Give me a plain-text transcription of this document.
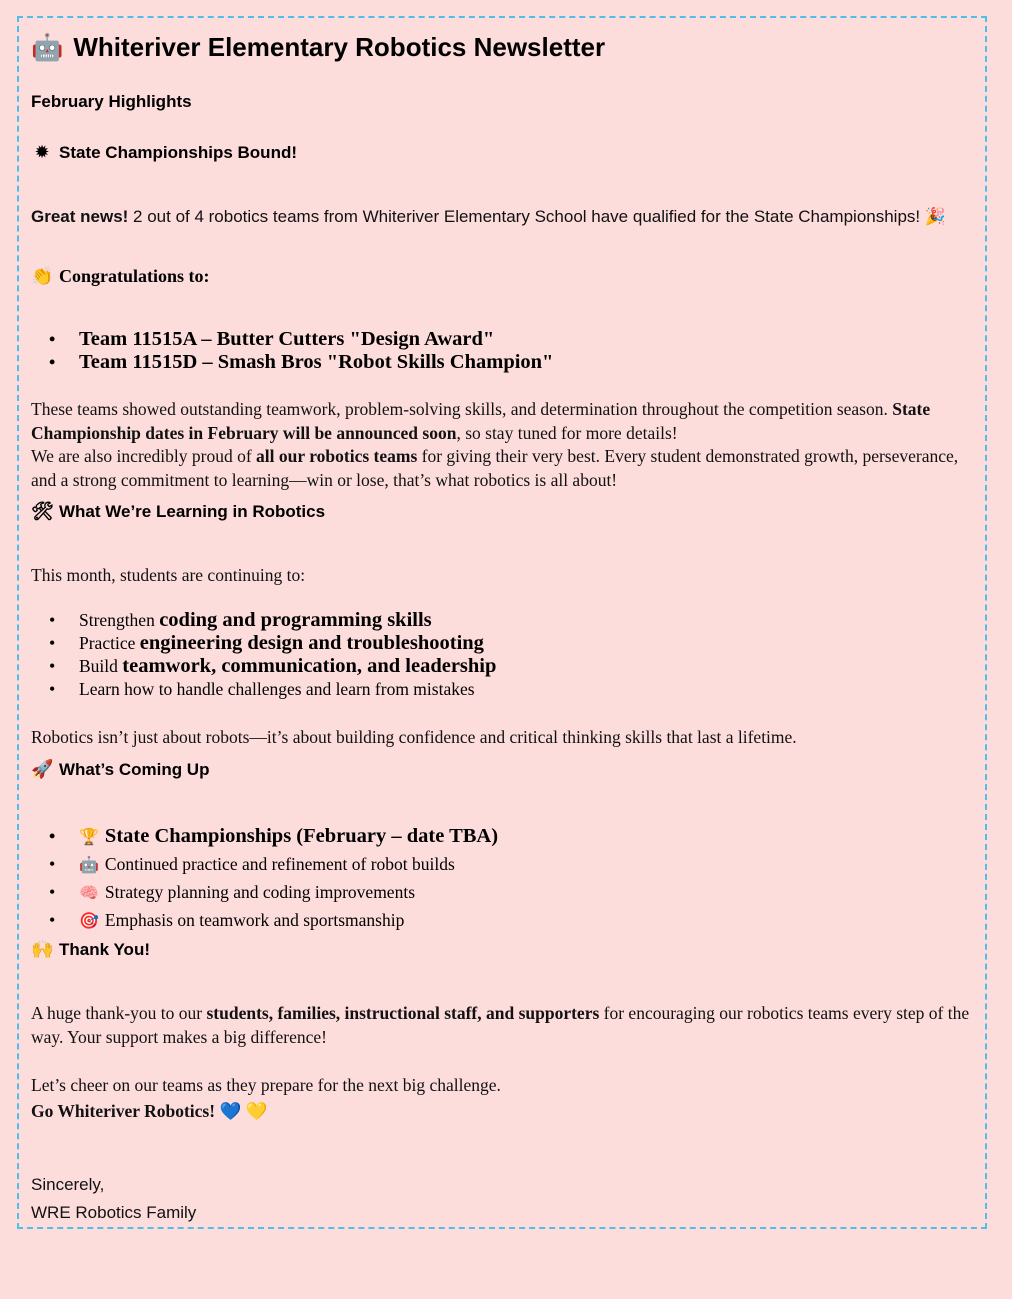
🤖 Whiteriver Elementary Robotics Newsletter
February Highlights
✹ State Championships Bound!
Great news! 2 out of 4 robotics teams from Whiteriver Elementary School have qualified for the State Championships! 🎉
👏 Congratulations to:
• Team 11515A – Butter Cutters "Design Award"
• Team 11515D – Smash Bros "Robot Skills Champion"
These teams showed outstanding teamwork, problem-solving skills, and determination throughout the competition season. State Championship dates in February will be announced soon, so stay tuned for more details!
We are also incredibly proud of all our robotics teams for giving their very best. Every student demonstrated growth, perseverance, and a strong commitment to learning—win or lose, that’s what robotics is all about!
🛠 What We’re Learning in Robotics
This month, students are continuing to:
• Strengthen coding and programming skills
• Practice engineering design and troubleshooting
• Build teamwork, communication, and leadership
• Learn how to handle challenges and learn from mistakes
Robotics isn’t just about robots—it’s about building confidence and critical thinking skills that last a lifetime.
🚀 What’s Coming Up
• 🏆 State Championships (February – date TBA)
• 🤖 Continued practice and refinement of robot builds
• 🧠 Strategy planning and coding improvements
• 🎯 Emphasis on teamwork and sportsmanship
🙌 Thank You!
A huge thank-you to our students, families, instructional staff, and supporters for encouraging our robotics teams every step of the way. Your support makes a big difference!
Let’s cheer on our teams as they prepare for the next big challenge.
Go Whiteriver Robotics! 💙 💛
Sincerely,
WRE Robotics Family
